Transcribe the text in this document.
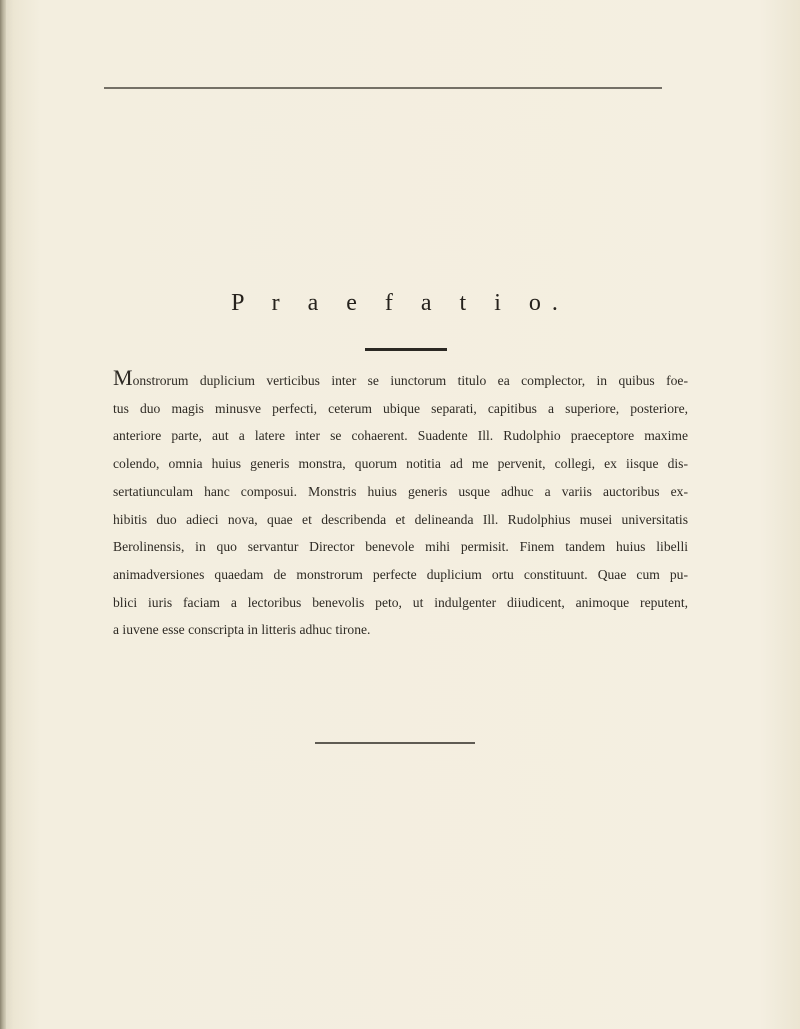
P r a e f a t i o.

Monstrorum duplicium verticibus inter se iunctorum titulo ea complector, in quibus foe-
tus duo magis minusve perfecti, ceterum ubique separati, capitibus a superiore, posteriore,
anteriore parte, aut a latere inter se cohaerent. Suadente Ill. Rudolphio praeceptore maxime
colendo, omnia huius generis monstra, quorum notitia ad me pervenit, collegi, ex iisque dis-
sertatiunculam hanc composui. Monstris huius generis usque adhuc a variis auctoribus ex-
hibitis duo adieci nova, quae et describenda et delineanda Ill. Rudolphius musei universitatis
Berolinensis, in quo servantur Director benevole mihi permisit. Finem tandem huius libelli
animadversiones quaedam de monstrorum perfecte duplicium ortu constituunt. Quae cum pu-
blici iuris faciam a lectoribus benevolis peto, ut indulgenter diiudicent, animoque reputent,
a iuvene esse conscripta in litteris adhuc tirone.
